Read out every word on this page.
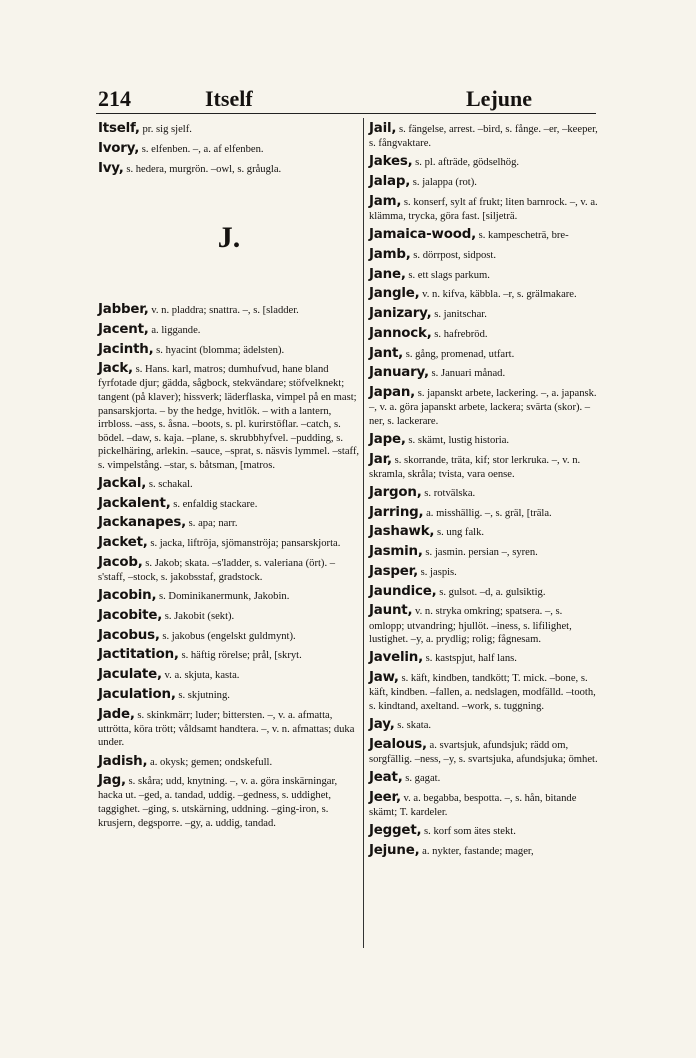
214	Itself	Lejune
Itself, pr. sig sjelf.
Ivory, s. elfenben. –, a. af elfenben.
Ivy, s. hedera, murgrön. –owl, s. gråugla.
J.
Jabber, v. n. pladdra; snattra. –, s. [sladder.
Jacent, a. liggande.
Jacinth, s. hyacint (blomma; ädelsten).
Jack, s. Hans. karl, matros; dumhufvud, hane bland fyrfotade djur; gädda, sågbock, stekvändare; stöfvelknekt; tangent (på klaver); hissverk; läderflaska, vimpel på en mast; pansarskjorta. – by the hedge, hvitlök. – with a lantern, irrbloss. –ass, s. åsna. –boots, s. pl. kurirstöflar. –catch, s. bödel. –daw, s. kaja. –plane, s. skrubbhyfvel. –pudding, s. pickelhäring, arlekin. –sauce, –sprat, s. näsvis lymmel. –staff, s. vimpelstång. –star, s. båtsman, [matros.
Jackal, s. schakal.
Jackalent, s. enfaldig stackare.
Jackanapes, s. apa; narr.
Jacket, s. jacka, liftröja, sjömanströja; pansarskjorta.
Jacob, s. Jakob; skata. –s'ladder, s. valeriana (ört). –s'staff, –stock, s. jakobsstaf, gradstock.
Jacobin, s. Dominikanermunk, Jakobin.
Jacobite, s. Jakobit (sekt).
Jacobus, s. jakobus (engelskt guldmynt).
Jactitation, s. häftig rörelse; prål, [skryt.
Jaculate, v. a. skjuta, kasta.
Jaculation, s. skjutning.
Jade, s. skinkmärr; luder; bittersten. –, v. a. afmatta, uttrötta, köra trött; våldsamt handtera. –, v. n. afmattas; duka under.
Jadish, a. okysk; gemen; ondskefull.
Jag, s. skåra; udd, knytning. –, v. a. göra inskärningar, hacka ut. –ged, a. tandad, uddig. –gedness, s. uddighet, taggighet. –ging, s. utskärning, uddning. –ging-iron, s. krusjern, degsporre. –gy, a. uddig, tandad.
Jail, s. fängelse, arrest. –bird, s. fånge. –er, –keeper, s. fångvaktare.
Jakes, s. pl. afträde, gödselhög.
Jalap, s. jalappa (rot).
Jam, s. konserf, sylt af frukt; liten barnrock. –, v. a. klämma, trycka, göra fast. [siljeträ.
Jamaica-wood, s. kampescheträ, bre-
Jamb, s. dörrpost, sidpost.
Jane, s. ett slags parkum.
Jangle, v. n. kifva, käbbla. –r, s. grälmakare.
Janizary, s. janitschar.
Jannock, s. hafrebröd.
Jant, s. gång, promenad, utfart.
January, s. Januari månad.
Japan, s. japanskt arbete, lackering. –, a. japansk. –, v. a. göra japanskt arbete, lackera; svärta (skor). –ner, s. lackerare.
Jape, s. skämt, lustig historia.
Jar, s. skorrande, träta, kif; stor lerkruka. –, v. n. skramla, skråla; tvista, vara oense.
Jargon, s. rotvälska.
Jarring, a. misshällig. –, s. gräl, [träla.
Jashawk, s. ung falk.
Jasmin, s. jasmin. persian –, syren.
Jasper, s. jaspis.
Jaundice, s. gulsot. –d, a. gulsiktig.
Jaunt, v. n. stryka omkring; spatsera. –, s. omlopp; utvandring; hjullöt. –iness, s. lifilighet, lustighet. –y, a. prydlig; rolig; fågnesam.
Javelin, s. kastspjut, half lans.
Jaw, s. käft, kindben, tandkött; T. mick. –bone, s. käft, kindben. –fallen, a. nedslagen, modfälld. –tooth, s. kindtand, axeltand. –work, s. tuggning.
Jay, s. skata.
Jealous, a. svartsjuk, afundsjuk; rädd om, sorgfällig. –ness, –y, s. svartsjuka, afundsjuka; ömhet.
Jeat, s. gagat.
Jeer, v. a. begabba, bespotta. –, s. hån, bitande skämt; T. kardeler.
Jegget, s. korf som ätes stekt.
Jejune, a. nykter, fastande; mager,
